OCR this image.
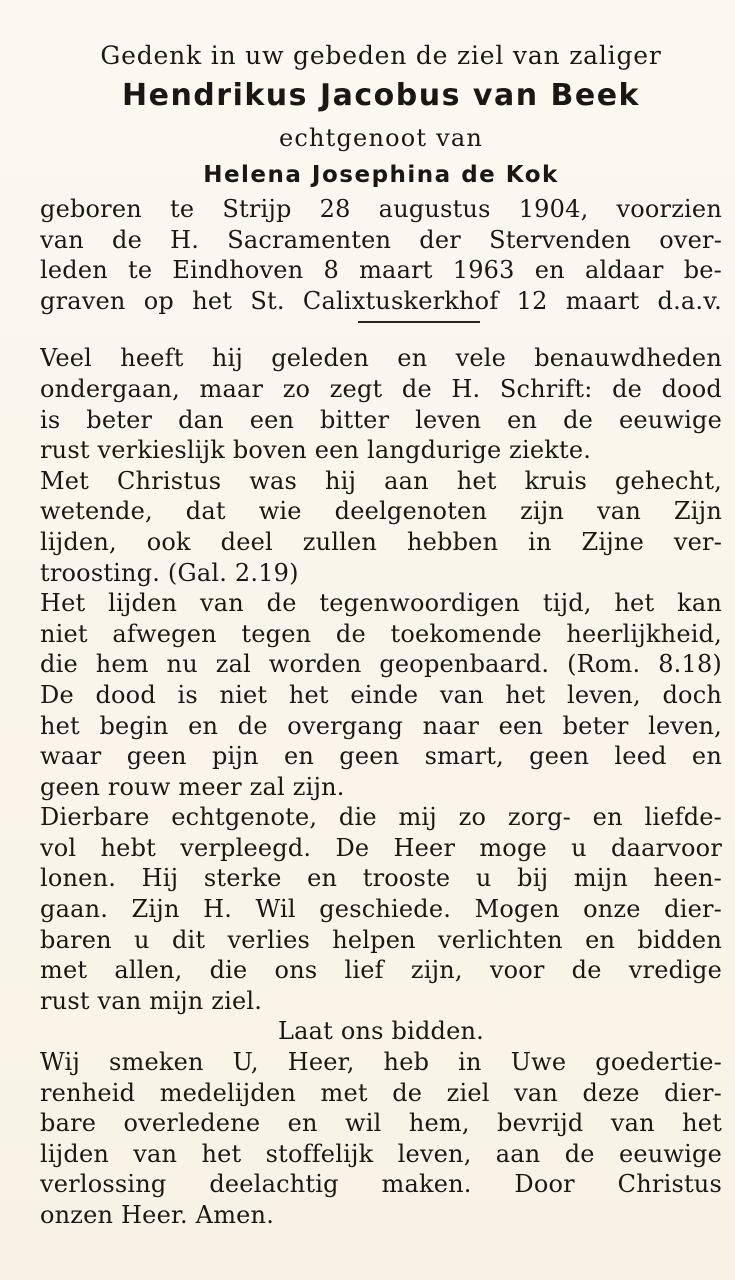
Gedenk in uw gebeden de ziel van zaliger

Hendrikus Jacobus van Beek

echtgenoot van

Helena Josephina de Kok

geboren te Strijp 28 augustus 1904, voorzien
van de H. Sacramenten der Stervenden over-
leden te Eindhoven 8 maart 1963 en aldaar be-
graven op het St. Calixtuskerkhof 12 maart d.a.v.
Veel heeft hij geleden en vele benauwdheden
ondergaan, maar zo zegt de H. Schrift: de dood
is beter dan een bitter leven en de eeuwige
rust verkieslijk boven een langdurige ziekte.
Met Christus was hij aan het kruis gehecht,
wetende, dat wie deelgenoten zijn van Zijn
lijden, ook deel zullen hebben in Zijne ver-
troosting. (Gal. 2.19)
Het lijden van de tegenwoordigen tijd, het kan
niet afwegen tegen de toekomende heerlijkheid,
die hem nu zal worden geopenbaard. (Rom. 8.18)
De dood is niet het einde van het leven, doch
het begin en de overgang naar een beter leven,
waar geen pijn en geen smart, geen leed en
geen rouw meer zal zijn.
Dierbare echtgenote, die mij zo zorg- en liefde-
vol hebt verpleegd. De Heer moge u daarvoor
lonen. Hij sterke en trooste u bij mijn heen-
gaan. Zijn H. Wil geschiede. Mogen onze dier-
baren u dit verlies helpen verlichten en bidden
met allen, die ons lief zijn, voor de vredige
rust van mijn ziel.
Laat ons bidden.
Wij smeken U, Heer, heb in Uwe goedertie-
renheid medelijden met de ziel van deze dier-
bare overledene en wil hem, bevrijd van het
lijden van het stoffelijk leven, aan de eeuwige
verlossing deelachtig maken. Door Christus
onzen Heer. Amen.
